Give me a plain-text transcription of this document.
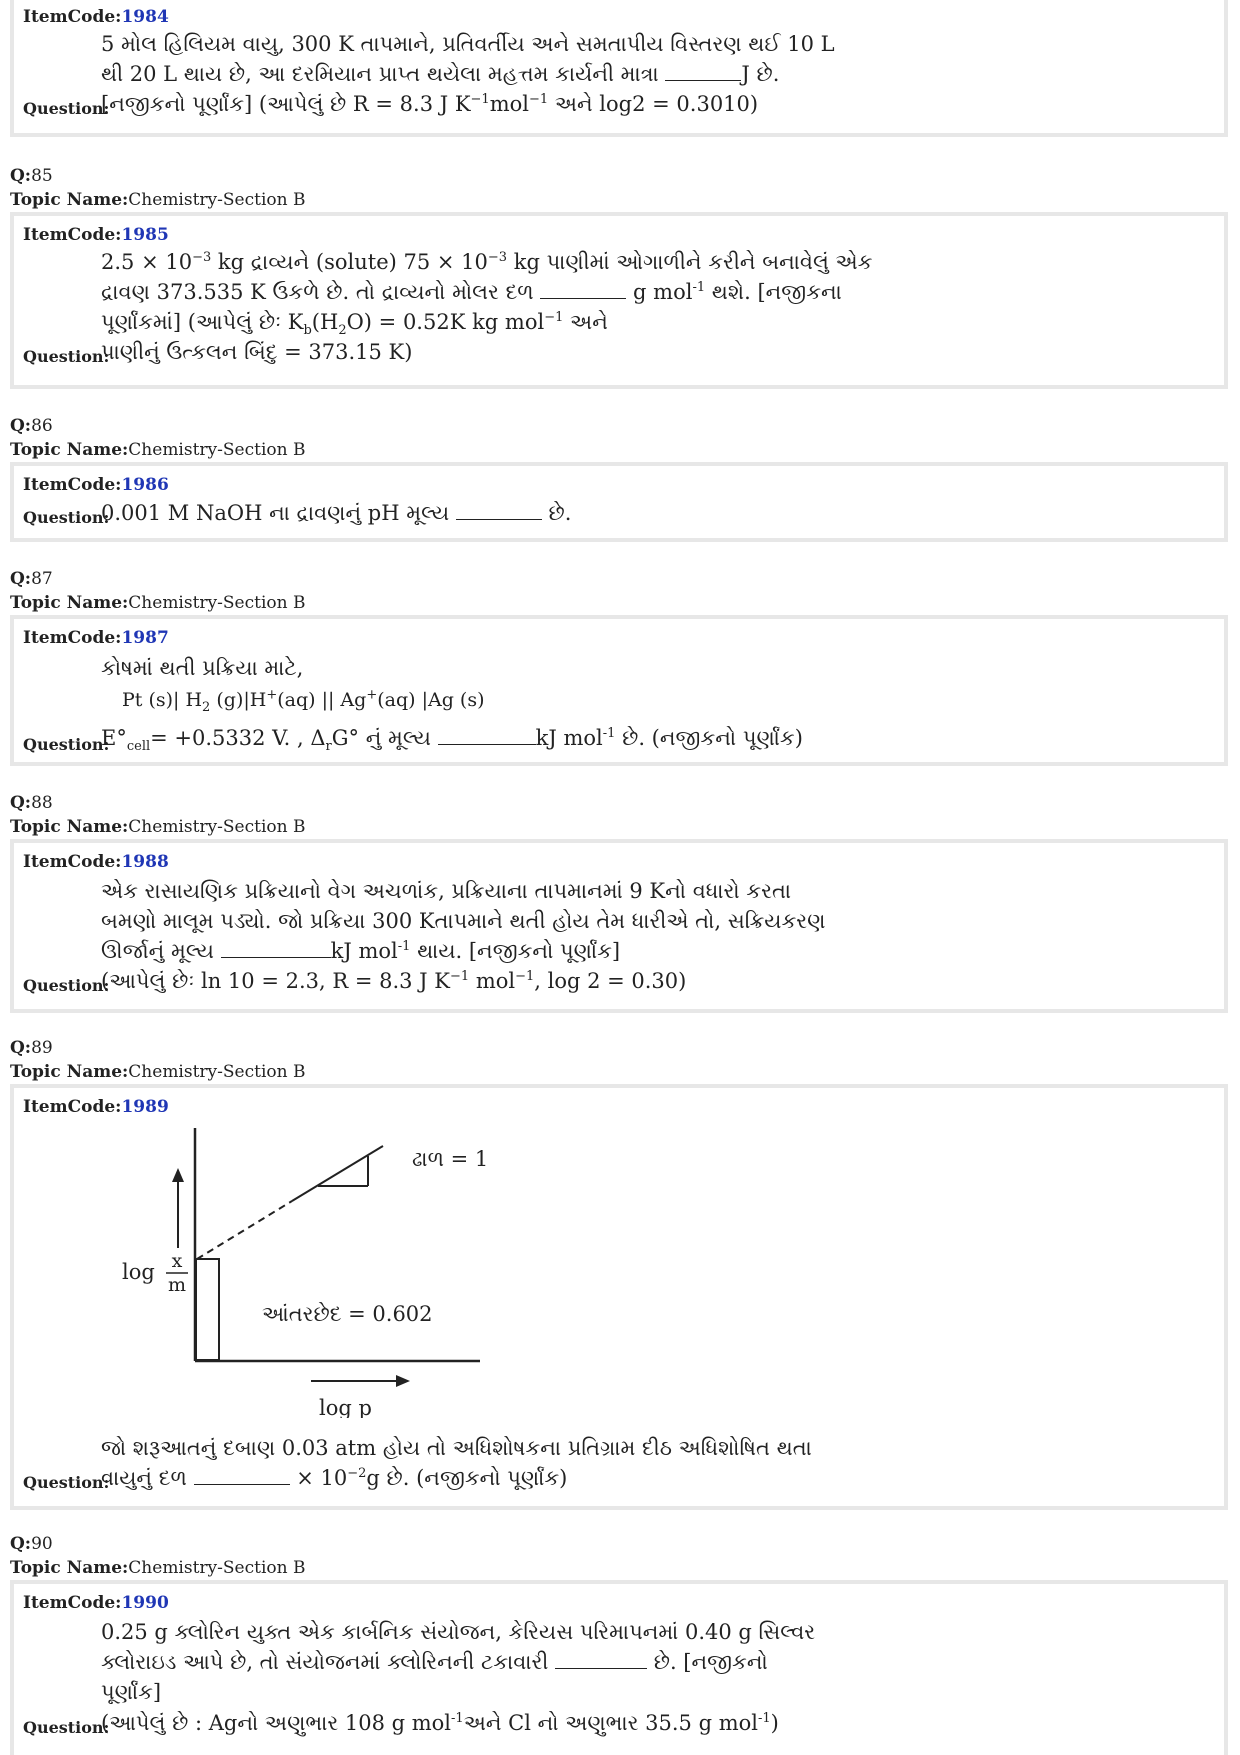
ItemCode:1984
5 મોલ હિલિયમ વાયુ, 300 K તાપમાને, પ્રતિવર્તીય અને સમતાપીય વિસ્તરણ થઈ 10 L
થી 20 L થાય છે, આ દરમિયાન પ્રાપ્ત થયેલા મહત્તમ કાર્યની માત્રા	J છે.
Question:
[નજીકનો પૂર્ણાંક] (આપેલું છે R = 8.3 J $K^{-1}mol^{-1}$ અને log2 = 0.3010)
Q:85
Topic Name:Chemistry-Section B
ItemCode:1985
$2.5 \times 10^{-3}$ kg દ્રાવ્યને (solute) $75 \times 10^{-3}$ kg પાણીમાં ઓગાળીને કરીને બનાવેલું એક
દ્રાવણ 373.535 K ઉકળે છે. તો દ્રાવ્યનો મોલર દળ	g mol$^{-1}$ થશે. [નજીકના
પૂર્ણાંકમાં] (આપેલું છેઃ $K_b(H_2O) = 0.52K$ kg mol$^{-1}$ અને
Question:
પાણીનું ઉત્કલન બિંદુ = 373.15 K)
Q:86
Topic Name:Chemistry-Section B
ItemCode:1986
Question:
0.001 M NaOH ના દ્રાવણનું pH મૂલ્ય	છે.
Q:87
Topic Name:Chemistry-Section B
ItemCode:1987
કોષમાં થતી પ્રક્રિયા માટે,
Pt (s)| $H_2$ (g)|H+(aq) || Ag+(aq) |Ag (s)
Question:
$E^\circ_{cell}= +0.5332$ V. , $\Delta_rG^\circ$ નું મૂલ્ય	kJ mol$^{-1}$ છે. (નજીકનો પૂર્ણાંક)
Q:88
Topic Name:Chemistry-Section B
ItemCode:1988
એક રાસાયણિક પ્રક્રિયાનો વેગ અચળાંક, પ્રક્રિયાના તાપમાનમાં 9 Kનો વધારો કરતા
બમણો માલૂમ પડ્યો. જો પ્રક્રિયા 300 Kતાપમાને થતી હોય તેમ ધારીએ તો, સક્રિયકરણ
ઊર્જાનું મૂલ્ય	kJ mol$^{-1}$ થાય. [નજીકનો પૂર્ણાંક]
Question:
(આપેલું છેઃ ln 10 = 2.3, R = 8.3 J $K^{-1}$ mol$^{-1}$, log 2 = 0.30)
Q:89
Topic Name:Chemistry-Section B
ItemCode:1989
ઢાળ = 1
આંતરછેદ = 0.602
log x
m
log p
જો શરૂઆતનું દબાણ 0.03 atm હોય તો અધિશોષકના પ્રતિગ્રામ દીઠ અધિશોષિત થતા
Question:
વાયુનું દળ	× $10^{-2}g$ છે. (નજીકનો પૂર્ણાંક)
Q:90
Topic Name:Chemistry-Section B
ItemCode:1990
0.25 g ક્લોરિન યુક્ત એક કાર્બનિક સંયોજન, કેરિયસ પરિમાપનમાં 0.40 g સિલ્વર
ક્લોરાઇડ આપે છે, તો સંયોજનમાં ક્લોરિનની ટકાવારી	છે. [નજીકનો
પૂર્ણાંક]
Question:
(આપેલું છે : Agનો અણુભાર 108 g mol$^{-1}$અને Cl નો અણુભાર 35.5 g mol$^{-1}$)
